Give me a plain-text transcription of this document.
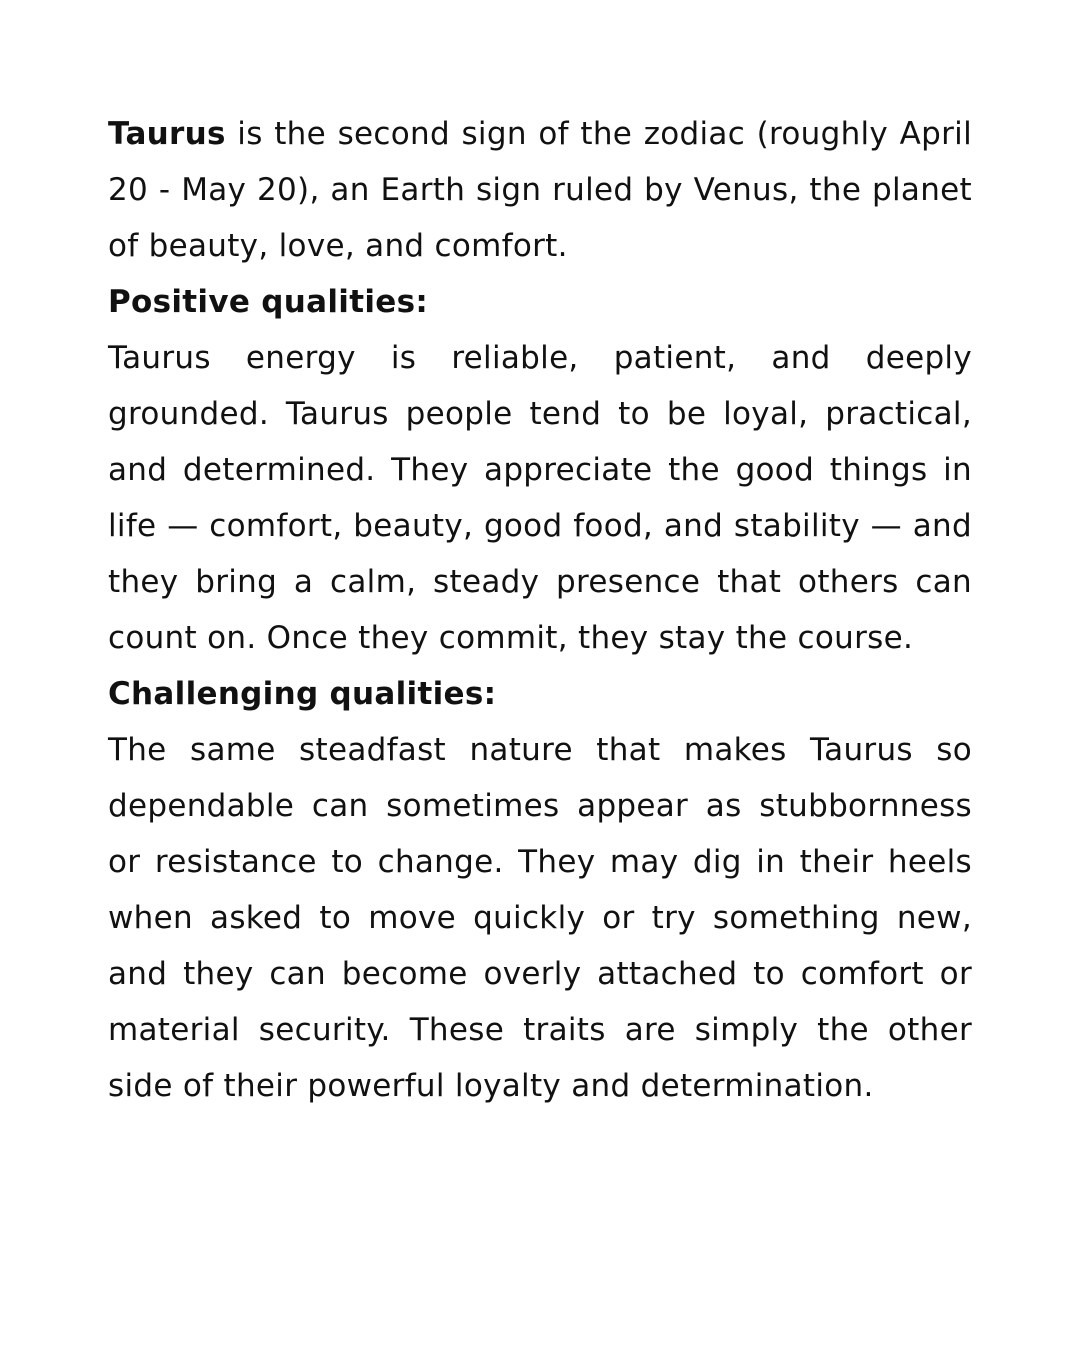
Taurus is the second sign of the zodiac (roughly April 20 - May 20), an Earth sign ruled by Venus, the planet of beauty, love, and comfort.

Positive qualities:

Taurus energy is reliable, patient, and deeply grounded. Taurus people tend to be loyal, practical, and determined. They appreciate the good things in life — comfort, beauty, good food, and stability — and they bring a calm, steady presence that others can count on. Once they commit, they stay the course.

Challenging qualities:

The same steadfast nature that makes Taurus so dependable can sometimes appear as stubbornness or resistance to change. They may dig in their heels when asked to move quickly or try something new, and they can become overly attached to comfort or material security. These traits are simply the other side of their powerful loyalty and determination.
